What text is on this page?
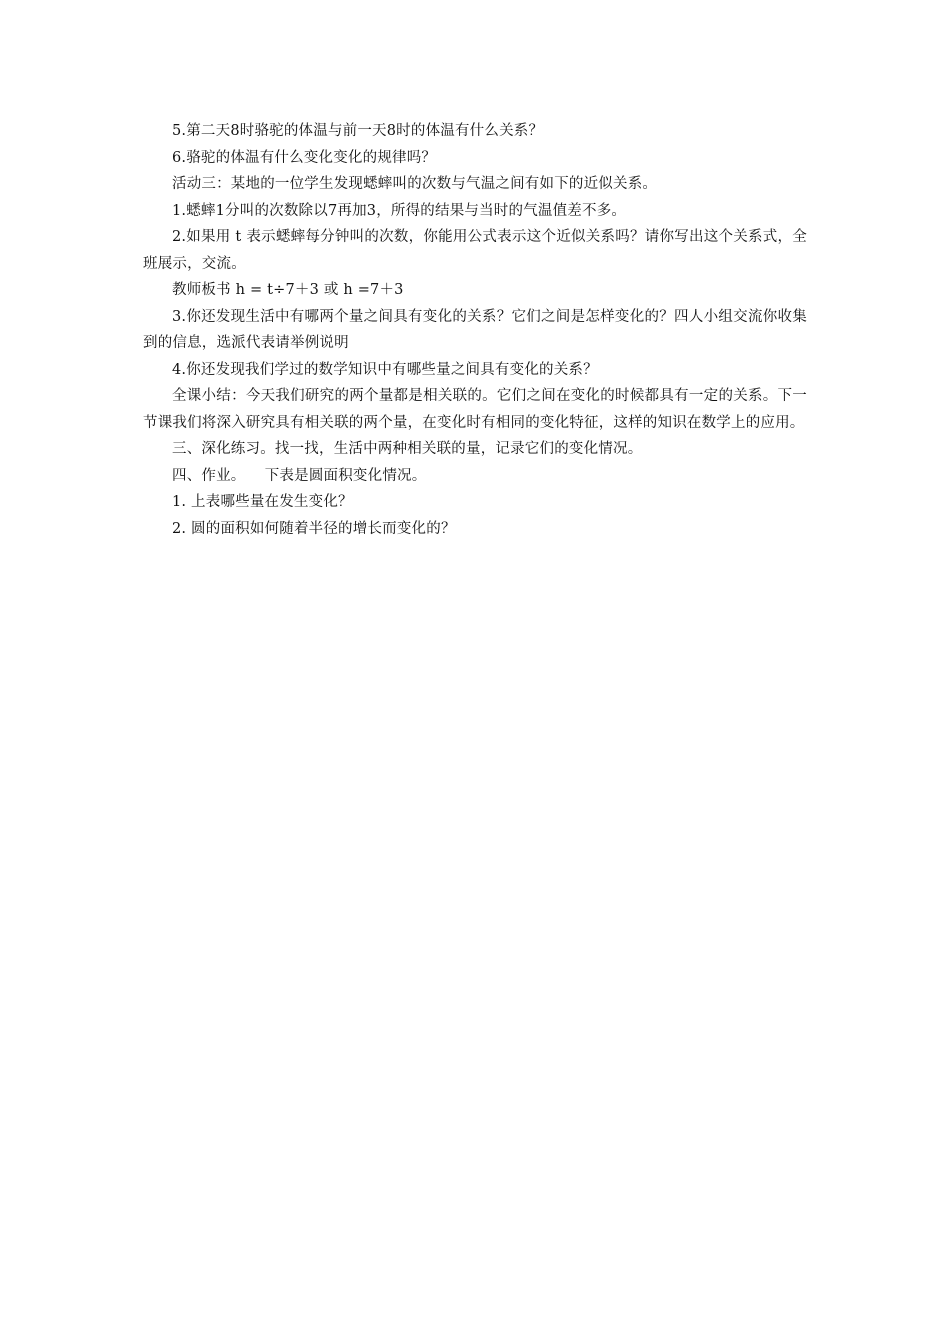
5.第二天8时骆驼的体温与前一天8时的体温有什么关系？

6.骆驼的体温有什么变化变化的规律吗？

活动三：某地的一位学生发现蟋蟀叫的次数与气温之间有如下的近似关系。

1.蟋蟀1分叫的次数除以7再加3，所得的结果与当时的气温值差不多。

2.如果用 t 表示蟋蟀每分钟叫的次数，你能用公式表示这个近似关系吗？请你写出这个关系式，全班展示，交流。

教师板书 h = t÷7＋3 或 h =7＋3

3.你还发现生活中有哪两个量之间具有变化的关系？它们之间是怎样变化的？四人小组交流你收集到的信息，选派代表请举例说明

4.你还发现我们学过的数学知识中有哪些量之间具有变化的关系？

全课小结：今天我们研究的两个量都是相关联的。它们之间在变化的时候都具有一定的关系。下一节课我们将深入研究具有相关联的两个量，在变化时有相同的变化特征，这样的知识在数学上的应用。

三、深化练习。找一找，生活中两种相关联的量，记录它们的变化情况。

四、作业。    下表是圆面积变化情况。

1. 上表哪些量在发生变化？

2. 圆的面积如何随着半径的增长而变化的？
